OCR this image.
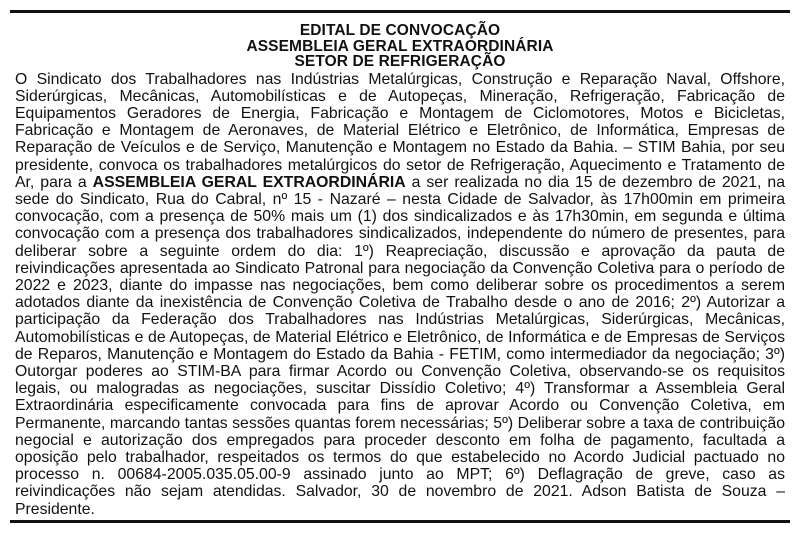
EDITAL DE CONVOCAÇÃO
ASSEMBLEIA GERAL EXTRAORDINÁRIA
SETOR DE REFRIGERAÇÃO

O Sindicato dos Trabalhadores nas Indústrias Metalúrgicas, Construção e Reparação Naval, Offshore, Siderúrgicas, Mecânicas, Automobilísticas e de Autopeças, Mineração, Refrigeração, Fabricação de Equipamentos Geradores de Energia, Fabricação e Montagem de Ciclomotores, Motos e Bicicletas, Fabricação e Montagem de Aeronaves, de Material Elétrico e Eletrônico, de Informática, Empresas de Reparação de Veículos e de Serviço, Manutenção e Montagem no Estado da Bahia. – STIM Bahia, por seu presidente, convoca os trabalhadores metalúrgicos do setor de Refrigeração, Aquecimento e Tratamento de Ar, para a ASSEMBLEIA GERAL EXTRAORDINÁRIA a ser realizada no dia 15 de dezembro de 2021, na sede do Sindicato, Rua do Cabral, nº 15 - Nazaré – nesta Cidade de Salvador, às 17h00min em primeira convocação, com a presença de 50% mais um (1) dos sindicalizados e às 17h30min, em segunda e última convocação com a presença dos trabalhadores sindicalizados, independente do número de presentes, para deliberar sobre a seguinte ordem do dia: 1º) Reapreciação, discussão e aprovação da pauta de reivindicações apresentada ao Sindicato Patronal para negociação da Convenção Coletiva para o período de 2022 e 2023, diante do impasse nas negociações, bem como deliberar sobre os procedimentos a serem adotados diante da inexistência de Convenção Coletiva de Trabalho desde o ano de 2016; 2º) Autorizar a participação da Federação dos Trabalhadores nas Indústrias Metalúrgicas, Siderúrgicas, Mecânicas, Automobilísticas e de Autopeças, de Material Elétrico e Eletrônico, de Informática e de Empresas de Serviços de Reparos, Manutenção e Montagem do Estado da Bahia - FETIM, como intermediador da negociação; 3º) Outorgar poderes ao STIM-BA para firmar Acordo ou Convenção Coletiva, observando-se os requisitos legais, ou malogradas as negociações, suscitar Dissídio Coletivo; 4º) Transformar a Assembleia Geral Extraordinária especificamente convocada para fins de aprovar Acordo ou Convenção Coletiva, em Permanente, marcando tantas sessões quantas forem necessárias; 5º) Deliberar sobre a taxa de contribuição negocial e autorização dos empregados para proceder desconto em folha de pagamento, facultada a oposição pelo trabalhador, respeitados os termos do que estabelecido no Acordo Judicial pactuado no processo n. 00684-2005.035.05.00-9 assinado junto ao MPT; 6º) Deflagração de greve, caso as reivindicações não sejam atendidas. Salvador, 30 de novembro de 2021. Adson Batista de Souza – Presidente.
